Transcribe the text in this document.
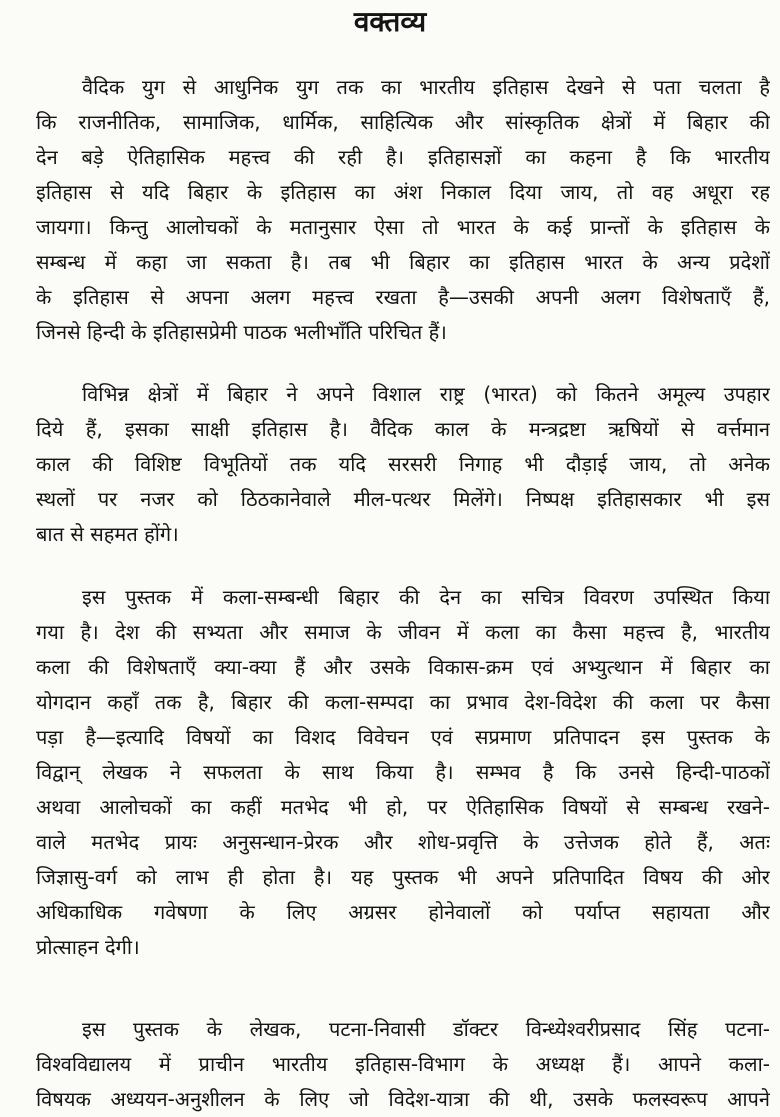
वक्तव्य
वैदिक युग से आधुनिक युग तक का भारतीय इतिहास देखने से पता चलता है
कि राजनीतिक, सामाजिक, धार्मिक, साहित्यिक और सांस्कृतिक क्षेत्रों में बिहार की
देन बड़े ऐतिहासिक महत्त्व की रही है। इतिहासज्ञों का कहना है कि भारतीय
इतिहास से यदि बिहार के इतिहास का अंश निकाल दिया जाय, तो वह अधूरा रह
जायगा। किन्तु आलोचकों के मतानुसार ऐसा तो भारत के कई प्रान्तों के इतिहास के
सम्बन्ध में कहा जा सकता है। तब भी बिहार का इतिहास भारत के अन्य प्रदेशों
के इतिहास से अपना अलग महत्त्व रखता है—उसकी अपनी अलग विशेषताएँ हैं,
जिनसे हिन्दी के इतिहासप्रेमी पाठक भलीभाँति परिचित हैं।
विभिन्न क्षेत्रों में बिहार ने अपने विशाल राष्ट्र (भारत) को कितने अमूल्य उपहार
दिये हैं, इसका साक्षी इतिहास है। वैदिक काल के मन्त्रद्रष्टा ऋषियों से वर्त्तमान
काल की विशिष्ट विभूतियों तक यदि सरसरी निगाह भी दौड़ाई जाय, तो अनेक
स्थलों पर नजर को ठिठकानेवाले मील-पत्थर मिलेंगे। निष्पक्ष इतिहासकार भी इस
बात से सहमत होंगे।
इस पुस्तक में कला-सम्बन्धी बिहार की देन का सचित्र विवरण उपस्थित किया
गया है। देश की सभ्यता और समाज के जीवन में कला का कैसा महत्त्व है, भारतीय
कला की विशेषताएँ क्या-क्या हैं और उसके विकास-क्रम एवं अभ्युत्थान में बिहार का
योगदान कहाँ तक है, बिहार की कला-सम्पदा का प्रभाव देश-विदेश की कला पर कैसा
पड़ा है—इत्यादि विषयों का विशद विवेचन एवं सप्रमाण प्रतिपादन इस पुस्तक के
विद्वान् लेखक ने सफलता के साथ किया है। सम्भव है कि उनसे हिन्दी-पाठकों
अथवा आलोचकों का कहीं मतभेद भी हो, पर ऐतिहासिक विषयों से सम्बन्ध रखने-
वाले मतभेद प्रायः अनुसन्धान-प्रेरक और शोध-प्रवृत्ति के उत्तेजक होते हैं, अतः
जिज्ञासु-वर्ग को लाभ ही होता है। यह पुस्तक भी अपने प्रतिपादित विषय की ओर
अधिकाधिक गवेषणा के लिए अग्रसर होनेवालों को पर्याप्त सहायता और
प्रोत्साहन देगी।
इस पुस्तक के लेखक, पटना-निवासी डॉक्टर विन्ध्येश्वरीप्रसाद सिंह पटना-
विश्वविद्यालय में प्राचीन भारतीय इतिहास-विभाग के अध्यक्ष हैं। आपने कला-
विषयक अध्ययन-अनुशीलन के लिए जो विदेश-यात्रा की थी, उसके फलस्वरूप आपने
